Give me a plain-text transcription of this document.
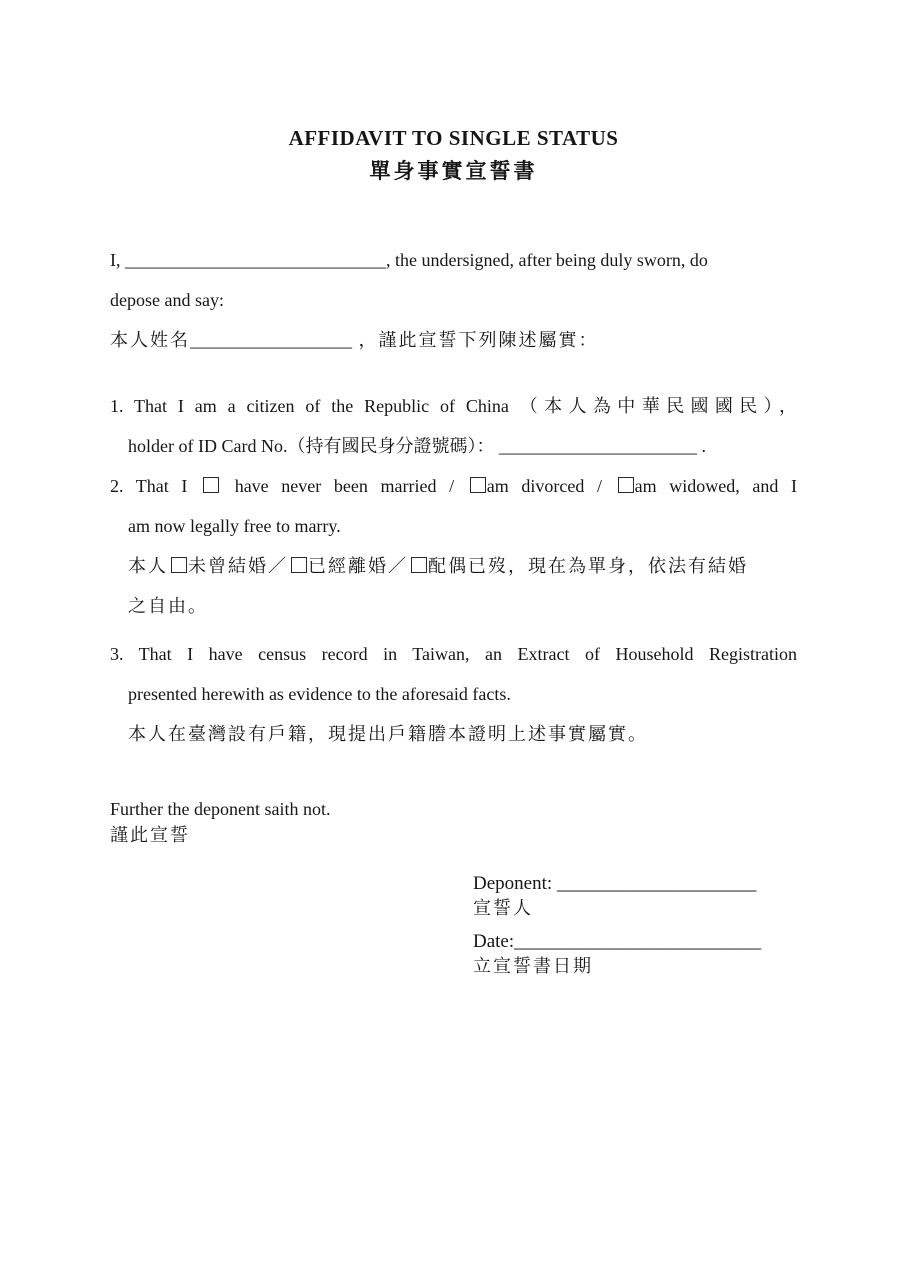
AFFIDAVIT TO SINGLE STATUS
單身事實宣誓書
I, _____________________________, the undersigned, after being duly sworn, do
depose and say:
本人姓名__________________ ，謹此宣誓下列陳述屬實：
1. That I am a citizen of the Republic of China （本人為中華民國國民），
holder of ID Card No.（持有國民身分證號碼）： ______________________ .
2. That I  have never been married / am divorced / am widowed, and I
am now legally free to marry.
本人 未曾結婚／ 已經離婚／ 配偶已歿，現在為單身，依法有結婚
之自由。
3. That I have census record in Taiwan, an Extract of Household Registration
presented herewith as evidence to the aforesaid facts.
本人在臺灣設有戶籍，現提出戶籍謄本證明上述事實屬實。
Further the deponent saith not.
謹此宣誓
Deponent: _____________________
宣誓人
Date:__________________________
立宣誓書日期
